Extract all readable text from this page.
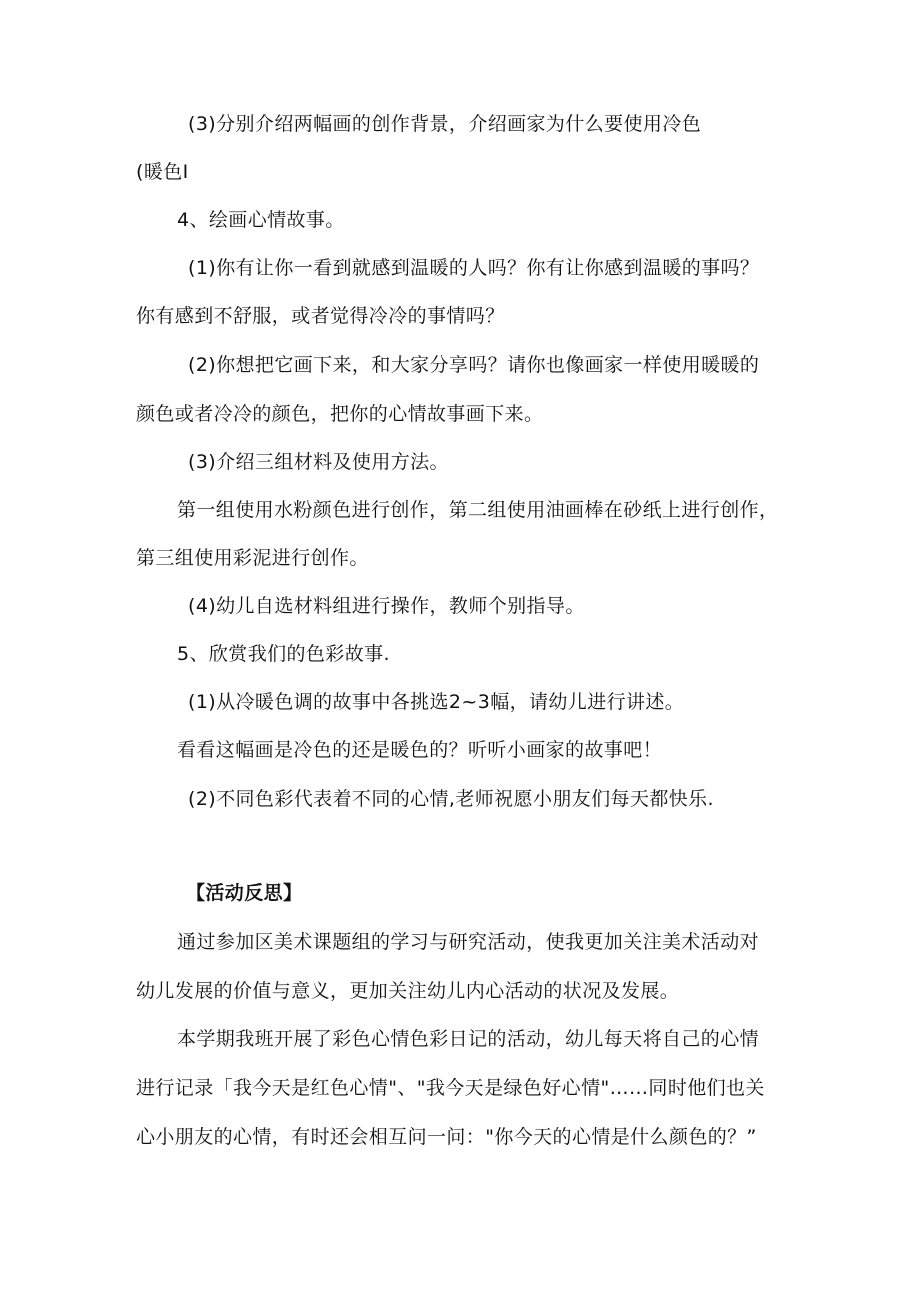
(3)分别介绍两幅画的创作背景，介绍画家为什么要使用冷色
(暖色I
4、绘画心情故事。
(1)你有让你一看到就感到温暖的人吗？你有让你感到温暖的事吗？
你有感到不舒服，或者觉得冷冷的事情吗？
(2)你想把它画下来，和大家分享吗？请你也像画家一样使用暖暖的
颜色或者冷冷的颜色，把你的心情故事画下来。
(3)介绍三组材料及使用方法。
第一组使用水粉颜色进行创作，第二组使用油画棒在砂纸上进行创作，
第三组使用彩泥进行创作。
(4)幼儿自选材料组进行操作，教师个别指导。
5、欣赏我们的色彩故事.
(1)从冷暖色调的故事中各挑选2~3幅，请幼儿进行讲述。
看看这幅画是冷色的还是暖色的？听听小画家的故事吧！
(2)不同色彩代表着不同的心情,老师祝愿小朋友们每天都快乐.
【活动反思】
通过参加区美术课题组的学习与研究活动，使我更加关注美术活动对
幼儿发展的价值与意义，更加关注幼儿内心活动的状况及发展。
本学期我班开展了彩色心情色彩日记的活动，幼儿每天将自己的心情
进行记录「我今天是红色心情"、"我今天是绿色好心情"……同时他们也关
心小朋友的心情，有时还会相互问一问："你今天的心情是什么颜色的？”
